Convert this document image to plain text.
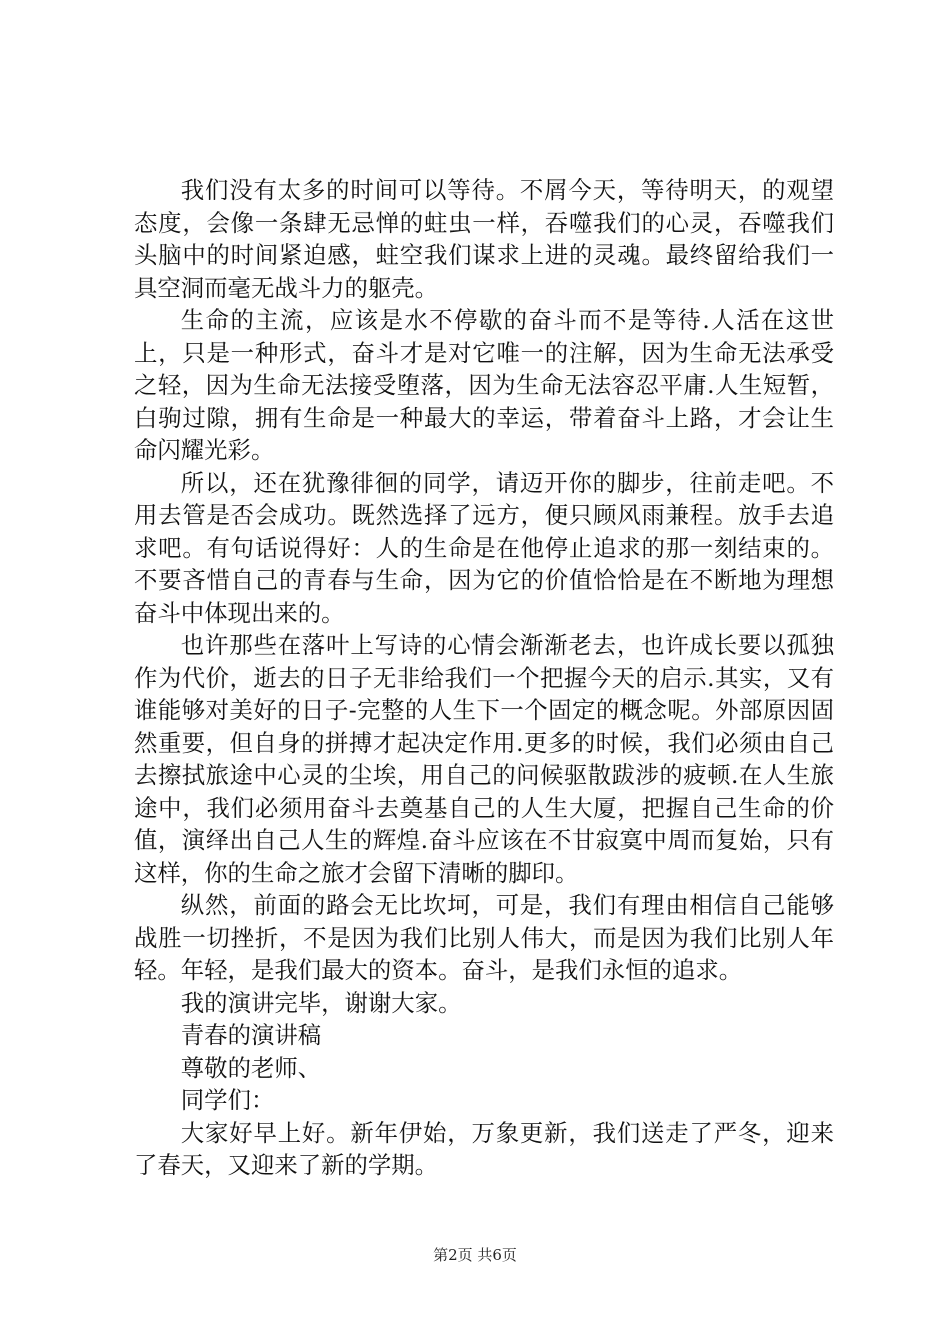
我们没有太多的时间可以等待。不屑今天，等待明天，的观望态度，会像一条肆无忌惮的蛀虫一样，吞噬我们的心灵，吞噬我们头脑中的时间紧迫感，蛀空我们谋求上进的灵魂。最终留给我们一具空洞而毫无战斗力的躯壳。

生命的主流，应该是水不停歇的奋斗而不是等待.人活在这世上，只是一种形式，奋斗才是对它唯一的注解，因为生命无法承受之轻，因为生命无法接受堕落，因为生命无法容忍平庸.人生短暂，白驹过隙，拥有生命是一种最大的幸运，带着奋斗上路，才会让生命闪耀光彩。

所以，还在犹豫徘徊的同学，请迈开你的脚步，往前走吧。不用去管是否会成功。既然选择了远方，便只顾风雨兼程。放手去追求吧。有句话说得好：人的生命是在他停止追求的那一刻结束的。不要吝惜自己的青春与生命，因为它的价值恰恰是在不断地为理想奋斗中体现出来的。

也许那些在落叶上写诗的心情会渐渐老去，也许成长要以孤独作为代价，逝去的日子无非给我们一个把握今天的启示.其实，又有谁能够对美好的日子-完整的人生下一个固定的概念呢。外部原因固然重要，但自身的拼搏才起决定作用.更多的时候，我们必须由自己去擦拭旅途中心灵的尘埃，用自己的问候驱散跋涉的疲顿.在人生旅途中，我们必须用奋斗去奠基自己的人生大厦，把握自己生命的价值，演绎出自己人生的辉煌.奋斗应该在不甘寂寞中周而复始，只有这样，你的生命之旅才会留下清晰的脚印。

纵然，前面的路会无比坎坷，可是，我们有理由相信自己能够战胜一切挫折，不是因为我们比别人伟大，而是因为我们比别人年轻。年轻，是我们最大的资本。奋斗，是我们永恒的追求。

我的演讲完毕，谢谢大家。

青春的演讲稿

尊敬的老师、

同学们：

大家好早上好。新年伊始，万象更新，我们送走了严冬，迎来了春天，又迎来了新的学期。

第2页 共6页
